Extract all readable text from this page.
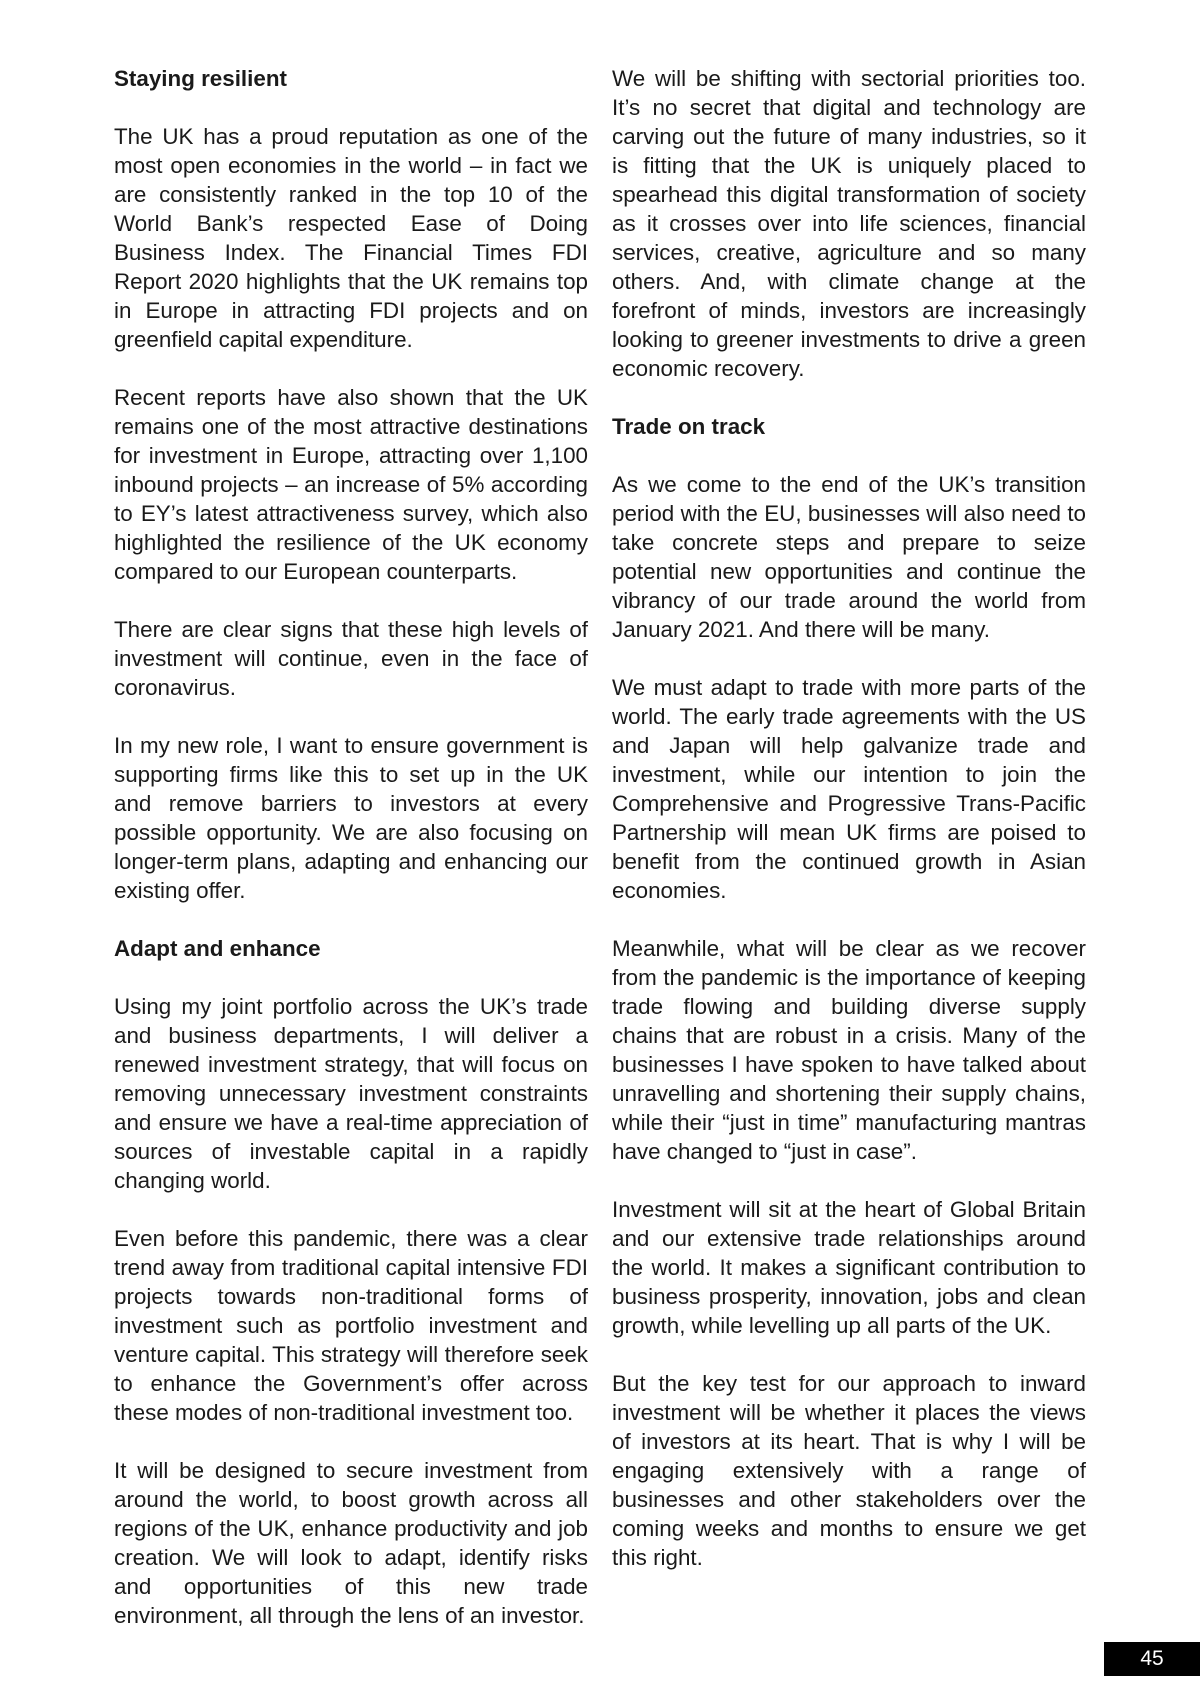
Staying resilient

The UK has a proud reputation as one of the most open economies in the world – in fact we are consistently ranked in the top 10 of the World Bank’s respected Ease of Doing Business Index. The Financial Times FDI Report 2020 highlights that the UK remains top in Europe in attracting FDI projects and on greenfield capital expenditure.

Recent reports have also shown that the UK remains one of the most attractive destinations for investment in Europe, attracting over 1,100 inbound projects – an increase of 5% according to EY’s latest attractiveness survey, which also highlighted the resilience of the UK economy compared to our European counterparts.

There are clear signs that these high levels of investment will continue, even in the face of coronavirus.

In my new role, I want to ensure government is supporting firms like this to set up in the UK and remove barriers to investors at every possible opportunity. We are also focusing on longer-term plans, adapting and enhancing our existing offer.

Adapt and enhance

Using my joint portfolio across the UK’s trade and business departments, I will deliver a renewed investment strategy, that will focus on removing unnecessary investment constraints and ensure we have a real-time appreciation of sources of investable capital in a rapidly changing world.

Even before this pandemic, there was a clear trend away from traditional capital intensive FDI projects towards non-traditional forms of investment such as portfolio investment and venture capital. This strategy will therefore seek to enhance the Government’s offer across these modes of non-traditional investment too.

It will be designed to secure investment from around the world, to boost growth across all regions of the UK, enhance productivity and job creation. We will look to adapt, identify risks and opportunities of this new trade environment, all through the lens of an investor.

We will be shifting with sectorial priorities too. It’s no secret that digital and technology are carving out the future of many industries, so it is fitting that the UK is uniquely placed to spearhead this digital transformation of society as it crosses over into life sciences, financial services, creative, agriculture and so many others. And, with climate change at the forefront of minds, investors are increasingly looking to greener investments to drive a green economic recovery.

Trade on track

As we come to the end of the UK’s transition period with the EU, businesses will also need to take concrete steps and prepare to seize potential new opportunities and continue the vibrancy of our trade around the world from January 2021. And there will be many.

We must adapt to trade with more parts of the world. The early trade agreements with the US and Japan will help galvanize trade and investment, while our intention to join the Comprehensive and Progressive Trans-Pacific Partnership will mean UK firms are poised to benefit from the continued growth in Asian economies.

Meanwhile, what will be clear as we recover from the pandemic is the importance of keeping trade flowing and building diverse supply chains that are robust in a crisis. Many of the businesses I have spoken to have talked about unravelling and shortening their supply chains, while their “just in time” manufacturing mantras have changed to “just in case”.

Investment will sit at the heart of Global Britain and our extensive trade relationships around the world. It makes a significant contribution to business prosperity, innovation, jobs and clean growth, while levelling up all parts of the UK.

But the key test for our approach to inward investment will be whether it places the views of investors at its heart. That is why I will be engaging extensively with a range of businesses and other stakeholders over the coming weeks and months to ensure we get this right.

45
